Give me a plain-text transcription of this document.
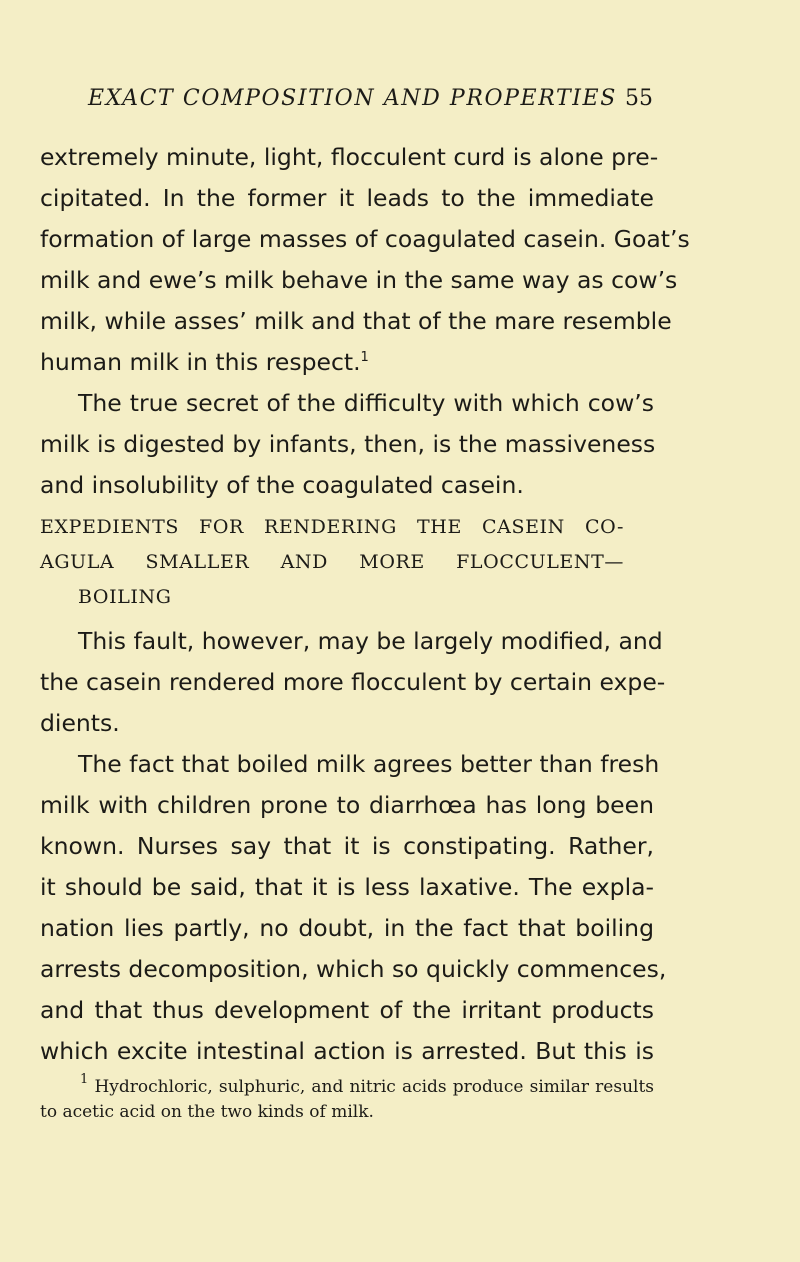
EXACT COMPOSITION AND PROPERTIES 55
extremely minute, light, flocculent curd is alone pre-
cipitated. In the former it leads to the immediate
formation of large masses of coagulated casein. Goat’s
milk and ewe’s milk behave in the same way as cow’s
milk, while asses’ milk and that of the mare resemble
human milk in this respect.$^1$
The true secret of the difficulty with which cow’s
milk is digested by infants, then, is the massiveness
and insolubility of the coagulated casein.
EXPEDIENTS FOR RENDERING THE CASEIN CO-
AGULA SMALLER AND MORE FLOCCULENT—
BOILING
This fault, however, may be largely modified, and
the casein rendered more flocculent by certain expe-
dients.
The fact that boiled milk agrees better than fresh
milk with children prone to diarrhœa has long been
known. Nurses say that it is constipating. Rather,
it should be said, that it is less laxative. The expla-
nation lies partly, no doubt, in the fact that boiling
arrests decomposition, which so quickly commences,
and that thus development of the irritant products
which excite intestinal action is arrested. But this is
$^1$ Hydrochloric, sulphuric, and nitric acids produce similar results
to acetic acid on the two kinds of milk.
